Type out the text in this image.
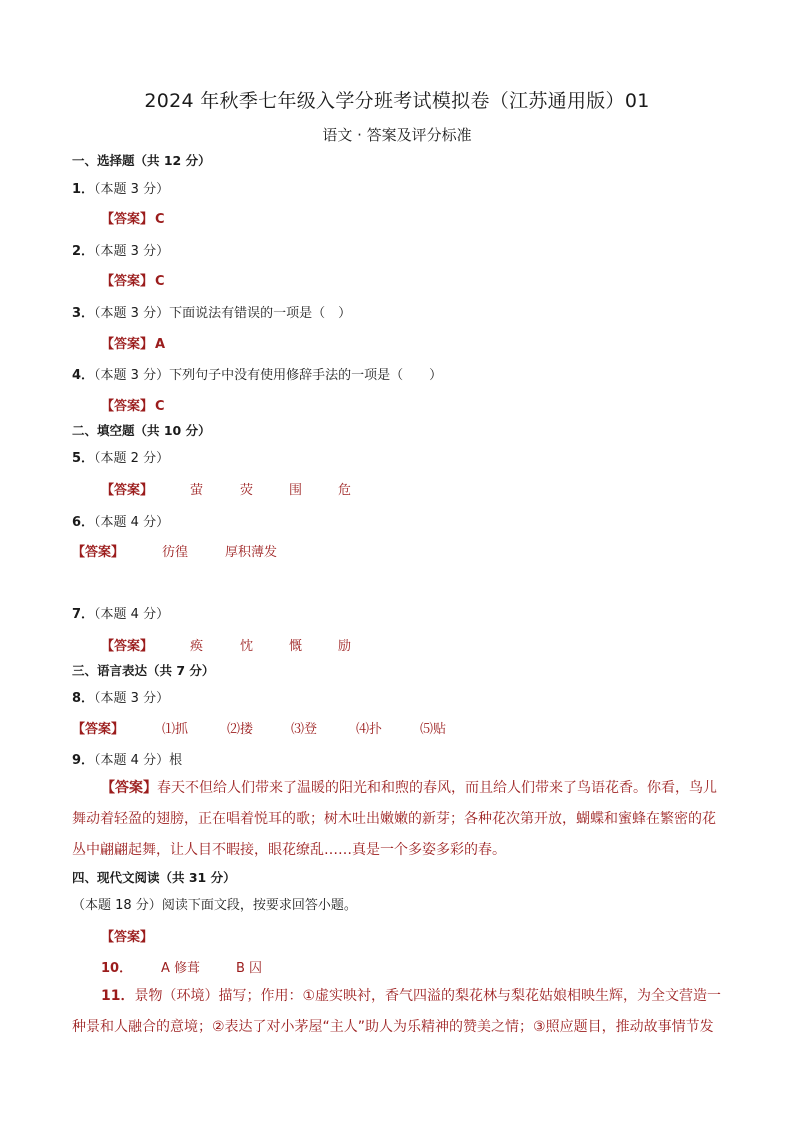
2024 年秋季七年级入学分班考试模拟卷（江苏通用版）01
语文 · 答案及评分标准
一、选择题（共 12 分）
1．（本题 3 分）
【答案】 C
2．（本题 3 分）
【答案】 C
3．（本题 3 分）下面说法有错误的一项是（　）
【答案】 A
4．（本题 3 分）下列句子中没有使用修辞手法的一项是（　　）
【答案】 C
二、填空题（共 10 分）
5．（本题 2 分）
【答案】	萤	荧	围	危
6．（本题 4 分）
【答案】	彷徨	厚积薄发
7．（本题 4 分）
【答案】	痪	忱	慨	励
三、语言表达（共 7 分）
8．（本题 3 分）
【答案】	⑴抓	⑵搂	⑶登	⑷扑	⑸贴
9．（本题 4 分）根
【答案】春天不但给人们带来了温暖的阳光和和煦的春风，而且给人们带来了鸟语花香。你看，鸟儿
舞动着轻盈的翅膀，正在唱着悦耳的歌；树木吐出嫩嫩的新芽；各种花次第开放，蝴蝶和蜜蜂在繁密的花
丛中翩翩起舞，让人目不暇接，眼花缭乱……真是一个多姿多彩的春。
四、现代文阅读（共 31 分）
（本题 18 分）阅读下面文段，按要求回答小题。
【答案】
10． A 修葺	B 囚
11．景物（环境）描写；作用：①虚实映衬，香气四溢的梨花林与梨花姑娘相映生辉，为全文营造一
种景和人融合的意境；②表达了对小茅屋“主人”助人为乐精神的赞美之情；③照应题目，推动故事情节发
